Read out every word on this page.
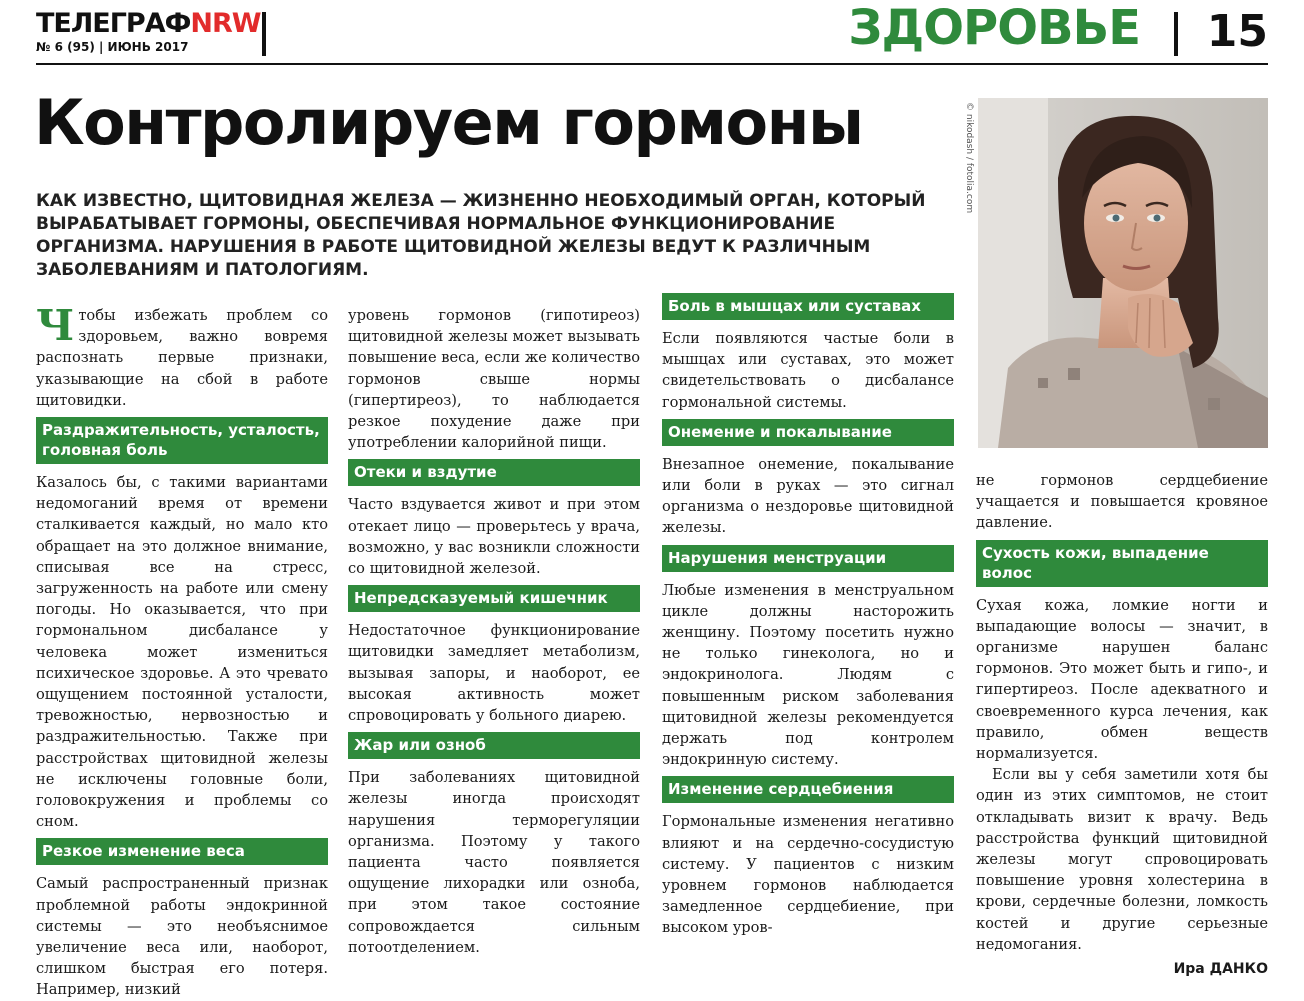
ТЕЛЕГРАФNRW
№ 6 (95) | ИЮНЬ 2017	ЗДОРОВЬЕ 15
Контролируем гормоны
КАК ИЗВЕСТНО, ЩИТОВИДНАЯ ЖЕЛЕЗА — ЖИЗНЕННО НЕОБХОДИМЫЙ ОРГАН, КОТОРЫЙ ВЫРАБАТЫВАЕТ ГОРМОНЫ, ОБЕСПЕЧИВАЯ НОРМАЛЬНОЕ ФУНКЦИОНИРОВАНИЕ ОРГАНИЗМА. НАРУШЕНИЯ В РАБОТЕ ЩИТОВИДНОЙ ЖЕЛЕЗЫ ВЕДУТ К РАЗЛИЧНЫМ ЗАБОЛЕВАНИЯМ И ПАТОЛОГИЯМ.
© nikodash / fotolia.com

Чтобы избежать проблем со здоровьем, важно вовремя распознать первые признаки, указывающие на сбой в работе щитовидки.

Раздражительность, усталость, головная боль

Казалось бы, с такими вариантами недомоганий время от времени сталкивается каждый, но мало кто обращает на это должное внимание, списывая все на стресс, загруженность на работе или смену погоды. Но оказывается, что при гормональном дисбалансе у человека может измениться психическое здоровье. А это чревато ощущением постоянной усталости, тревожностью, нервозностью и раздражительностью. Также при расстройствах щитовидной железы не исключены головные боли, головокружения и проблемы со сном.

Резкое изменение веса

Самый распространенный признак проблемной работы эндокринной системы — это необъяснимое увеличение веса или, наоборот, слишком быстрая его потеря. Например, низкий

уровень гормонов (гипотиреоз) щитовидной железы может вызывать повышение веса, если же количество гормонов свыше нормы (гипертиреоз), то наблюдается резкое похудение даже при употреблении калорийной пищи.

Отеки и вздутие

Часто вздувается живот и при этом отекает лицо — проверьтесь у врача, возможно, у вас возникли сложности со щитовидной железой.

Непредсказуемый кишечник

Недостаточное функционирование щитовидки замедляет метаболизм, вызывая запоры, и наоборот, ее высокая активность может спровоцировать у больного диарею.

Жар или озноб

При заболеваниях щитовидной железы иногда происходят нарушения терморегуляции организма. Поэтому у такого пациента часто появляется ощущение лихорадки или озноба, при этом такое состояние сопровождается сильным потоотделением.

Боль в мышцах или суставах

Если появляются частые боли в мышцах или суставах, это может свидетельствовать о дисбалансе гормональной системы.

Онемение и покалывание

Внезапное онемение, покалывание или боли в руках — это сигнал организма о нездоровье щитовидной железы.

Нарушения менструации

Любые изменения в менструальном цикле должны насторожить женщину. Поэтому посетить нужно не только гинеколога, но и эндокринолога. Людям с повышенным риском заболевания щитовидной железы рекомендуется держать под контролем эндокринную систему.

Изменение сердцебиения

Гормональные изменения негативно влияют и на сердечно-сосудистую систему. У пациентов с низким уровнем гормонов наблюдается замедленное сердцебиение, при высоком уров-

не гормонов сердцебиение учащается и повышается кровяное давление.

Сухость кожи, выпадение волос

Сухая кожа, ломкие ногти и выпадающие волосы — значит, в организме нарушен баланс гормонов. Это может быть и гипо-, и гипертиреоз. После адекватного и своевременного курса лечения, как правило, обмен веществ нормализуется.

Если вы у себя заметили хотя бы один из этих симптомов, не стоит откладывать визит к врачу. Ведь расстройства функций щитовидной железы могут спровоцировать повышение уровня холестерина в крови, сердечные болезни, ломкость костей и другие серьезные недомогания.

Ира ДАНКО
